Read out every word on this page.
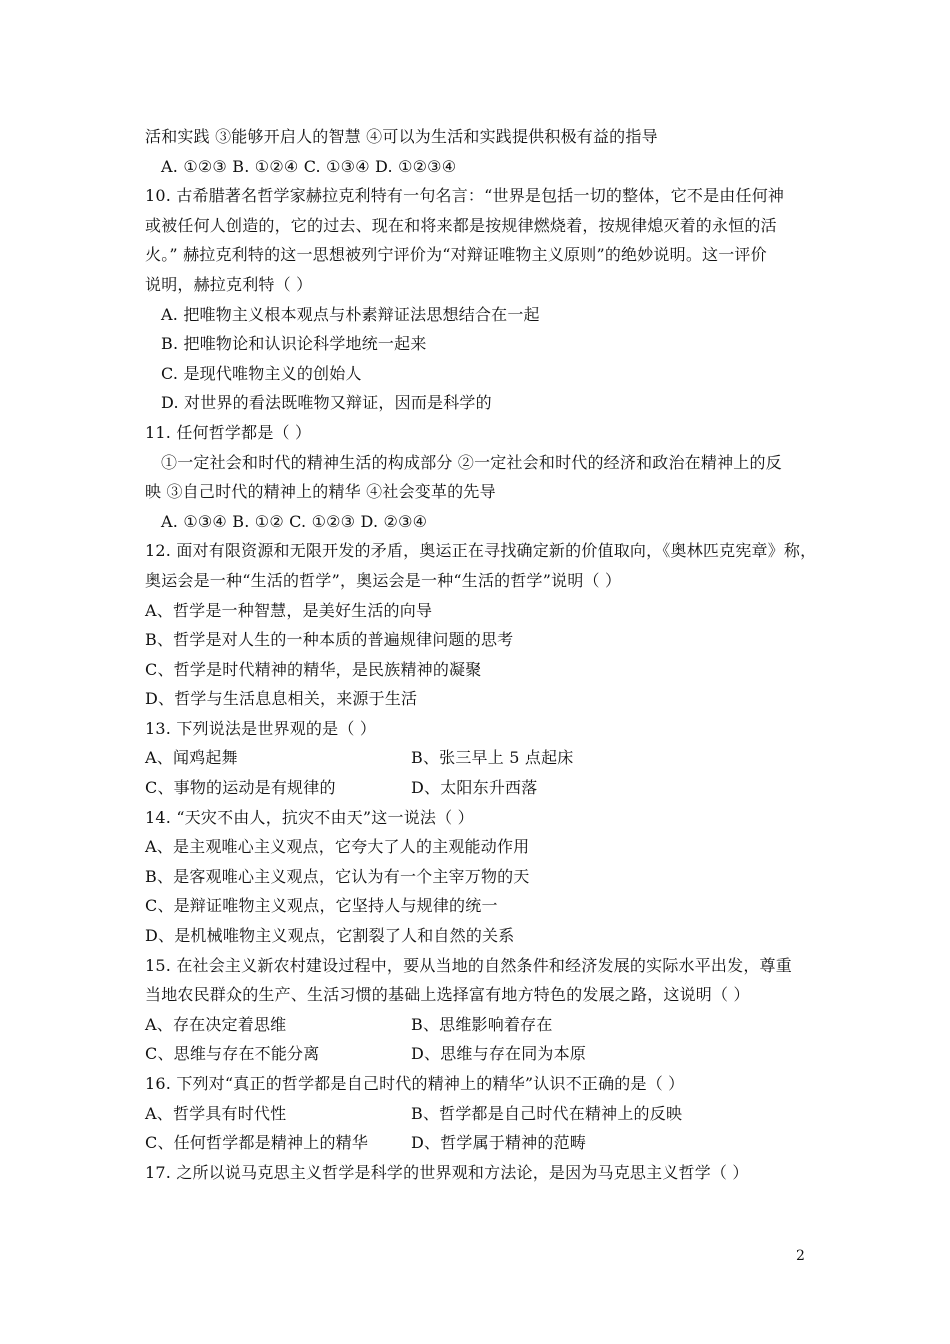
活和实践 ③能够开启人的智慧 ④可以为生活和实践提供积极有益的指导
A. ①②③ B. ①②④ C. ①③④ D. ①②③④
10. 古希腊著名哲学家赫拉克利特有一句名言：“世界是包括一切的整体，它不是由任何神
或被任何人创造的，它的过去、现在和将来都是按规律燃烧着，按规律熄灭着的永恒的活
火。” 赫拉克利特的这一思想被列宁评价为“对辩证唯物主义原则”的绝妙说明。这一评价
说明，赫拉克利特（ ）
A. 把唯物主义根本观点与朴素辩证法思想结合在一起
B. 把唯物论和认识论科学地统一起来
C. 是现代唯物主义的创始人
D. 对世界的看法既唯物又辩证，因而是科学的
11. 任何哲学都是（ ）
①一定社会和时代的精神生活的构成部分 ②一定社会和时代的经济和政治在精神上的反
映 ③自己时代的精神上的精华 ④社会变革的先导
A. ①③④ B. ①② C. ①②③ D. ②③④
12. 面对有限资源和无限开发的矛盾，奥运正在寻找确定新的价值取向，《奥林匹克宪章》称，
奥运会是一种“生活的哲学”，奥运会是一种“生活的哲学”说明（ ）
A、哲学是一种智慧，是美好生活的向导
B、哲学是对人生的一种本质的普遍规律问题的思考
C、哲学是时代精神的精华，是民族精神的凝聚
D、哲学与生活息息相关，来源于生活
13. 下列说法是世界观的是（ ）
A、闻鸡起舞	B、张三早上 5 点起床
C、事物的运动是有规律的	D、太阳东升西落
14. “天灾不由人，抗灾不由天”这一说法（ ）
A、是主观唯心主义观点，它夸大了人的主观能动作用
B、是客观唯心主义观点，它认为有一个主宰万物的天
C、是辩证唯物主义观点，它坚持人与规律的统一
D、是机械唯物主义观点，它割裂了人和自然的关系
15. 在社会主义新农村建设过程中，要从当地的自然条件和经济发展的实际水平出发，尊重
当地农民群众的生产、生活习惯的基础上选择富有地方特色的发展之路，这说明（ ）
A、存在决定着思维	B、思维影响着存在
C、思维与存在不能分离	D、思维与存在同为本原
16. 下列对“真正的哲学都是自己时代的精神上的精华”认识不正确的是（ ）
A、哲学具有时代性	B、哲学都是自己时代在精神上的反映
C、任何哲学都是精神上的精华	D、哲学属于精神的范畴
17. 之所以说马克思主义哲学是科学的世界观和方法论，是因为马克思主义哲学（ ）
2
